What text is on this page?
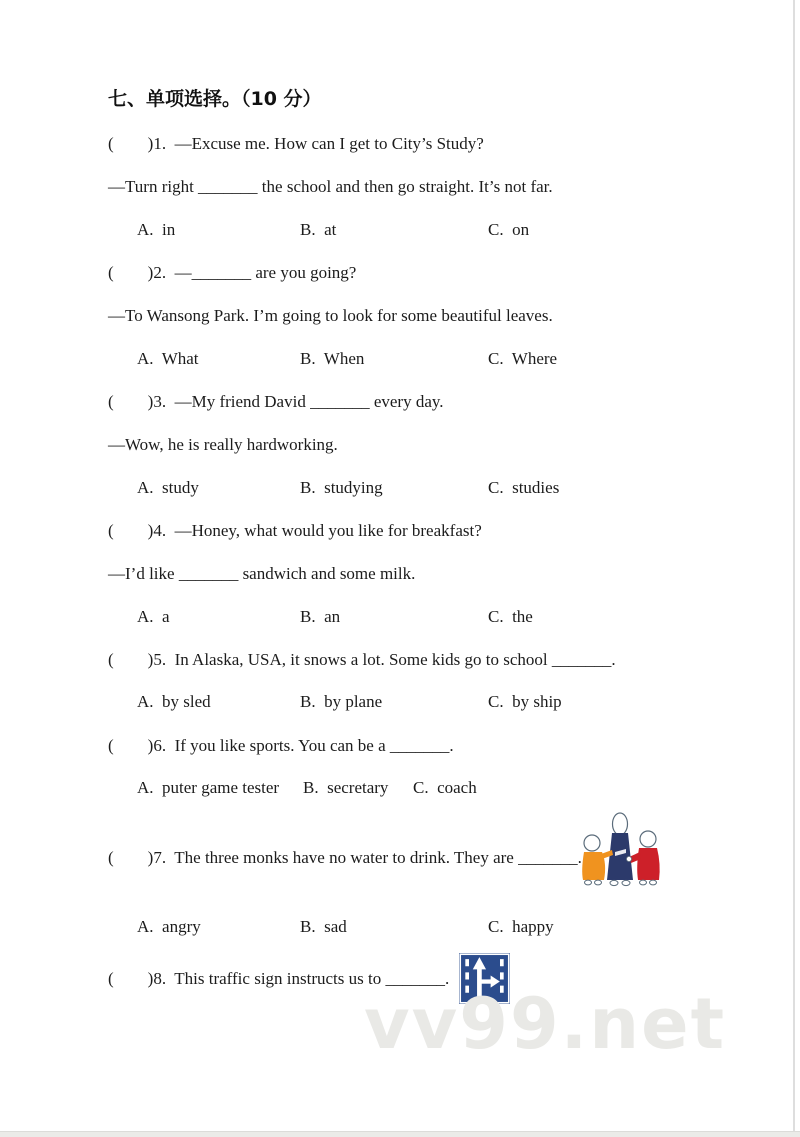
七、单项选择。（10 分）
(        )1.  —Excuse me. How can I get to City’s Study?
—Turn right _______ the school and then go straight. It’s not far.
A.  in	B.  at	C.  on
(        )2.  —_______ are you going?
—To Wansong Park. I’m going to look for some beautiful leaves.
A.  What	B.  When	C.  Where
(        )3.  —My friend David _______ every day.
—Wow, he is really hardworking.
A.  study	B.  studying	C.  studies
(        )4.  —Honey, what would you like for breakfast?
—I’d like _______ sandwich and some milk.
A.  a	B.  an	C.  the
(        )5.  In Alaska, USA, it snows a lot. Some kids go to school _______.
A.  by sled	B.  by plane	C.  by ship
(        )6.  If you like sports. You can be a _______.
A.  puter game tester B.  secretary C.  coach
(        )7.  The three monks have no water to drink. They are _______.
A.  angry	B.  sad	C.  happy
(        )8.  This traffic sign instructs us to _______.
vv99.net
